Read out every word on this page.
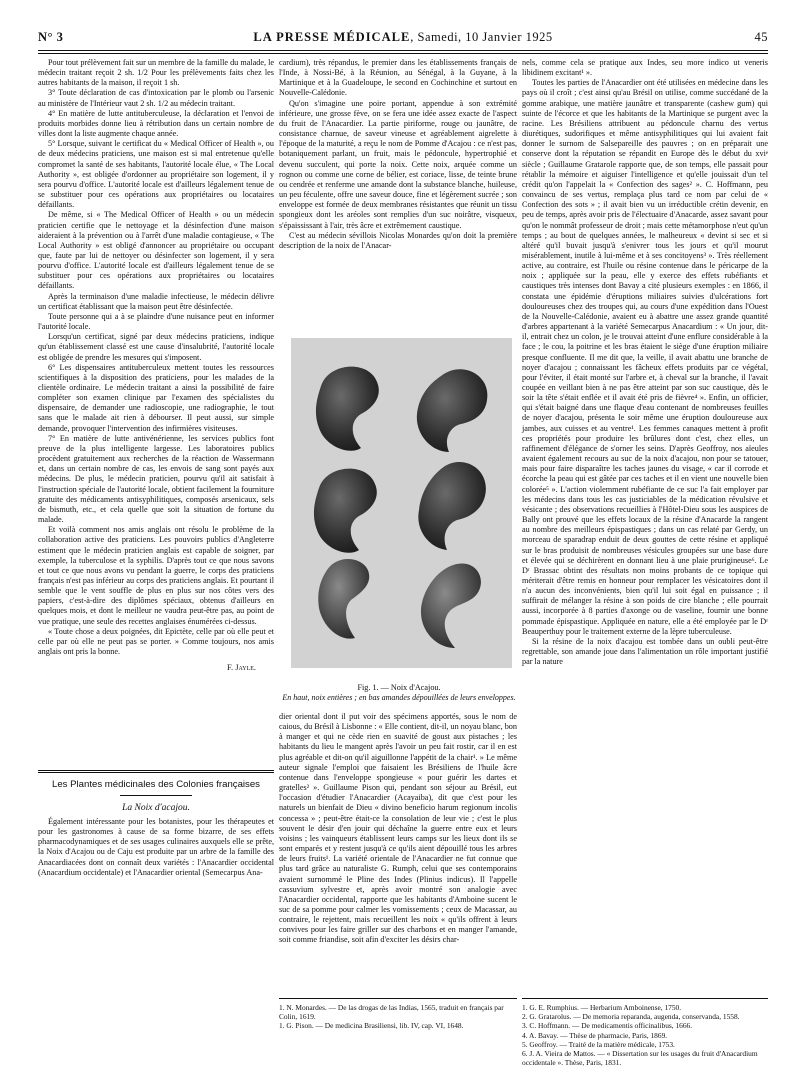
N° 3	LA PRESSE MÉDICALE, Samedi, 10 Janvier 1925	45

Pour tout prélèvement fait sur un membre de la famille du malade, le médecin traitant reçoit 2 sh. 1/2 Pour les prélèvements faits chez les autres habitants de la maison, il reçoit 1 sh.

3° Toute déclaration de cas d'intoxication par le plomb ou l'arsenic au ministère de l'Intérieur vaut 2 sh. 1/2 au médecin traitant.

4° En matière de lutte antituberculeuse, la déclaration et l'envoi de produits morbides donne lieu à rétribution dans un certain nombre de villes dont la liste augmente chaque année.

5° Lorsque, suivant le certificat du « Medical Officer of Health », ou de deux médecins praticiens, une maison est si mal entretenue qu'elle compromet la santé de ses habitants, l'autorité locale élue, « The Local Authority », est obligée d'ordonner au propriétaire son logement, il y sera pourvu d'office. L'autorité locale est d'ailleurs légalement tenue de se substituer pour ces opérations aux propriétaires ou locataires défaillants.

De même, si « The Medical Officer of Health » ou un médecin praticien certifie que le nettoyage et la désinfection d'une maison aideraient à la prévention ou à l'arrêt d'une maladie contagieuse, « The Local Authority » est obligé d'annoncer au propriétaire ou occupant que, faute par lui de nettoyer ou désinfecter son logement, il y sera pourvu d'office. L'autorité locale est d'ailleurs légalement tenue de se substituer pour ces opérations aux propriétaires ou locataires défaillants.

Après la terminaison d'une maladie infectieuse, le médecin délivre un certificat établissant que la maison peut être désinfectée.

Toute personne qui a à se plaindre d'une nuisance peut en informer l'autorité locale.

Lorsqu'un certificat, signé par deux médecins praticiens, indique qu'un établissement classé est une cause d'insalubrité, l'autorité locale est obligée de prendre les mesures qui s'imposent.

6° Les dispensaires antituberculeux mettent toutes les ressources scientifiques à la disposition des praticiens, pour les malades de la clientèle ordinaire. Le médecin traitant a ainsi la possibilité de faire compléter son examen clinique par l'examen des spécialistes du dispensaire, de demander une radioscopie, une radiographie, le tout sans que le malade ait rien à débourser. Il peut aussi, sur simple demande, provoquer l'intervention des infirmières visiteuses.

7° En matière de lutte antivénérienne, les services publics font preuve de la plus intelligente largesse. Les laboratoires publics procèdent gratuitement aux recherches de la réaction de Wassermann et, dans un certain nombre de cas, les envois de sang sont payés aux médecins. De plus, le médecin praticien, pourvu qu'il ait satisfait à l'instruction spéciale de l'autorité locale, obtient facilement la fourniture gratuite des médicaments antisyphilitiques, composés arsenicaux, sels de bismuth, etc., et cela quelle que soit la situation de fortune du malade.

Et voilà comment nos amis anglais ont résolu le problème de la collaboration active des praticiens. Les pouvoirs publics d'Angleterre estiment que le médecin praticien anglais est capable de soigner, par exemple, la tuberculose et la syphilis. D'après tout ce que nous savons et tout ce que nous avons vu pendant la guerre, le corps des praticiens français n'est pas inférieur au corps des praticiens anglais. Et pourtant il semble que le vent souffle de plus en plus sur nos côtes vers des papiers, c'est-à-dire des diplômes spéciaux, obtenus d'ailleurs en quelques mois, et dont le meilleur ne vaudra peut-être pas, au point de vue pratique, une seule des recettes anglaises énumérées ci-dessus.

« Toute chose a deux poignées, dit Epictète, celle par où elle peut et celle par où elle ne peut pas se porter. » Comme toujours, nos amis anglais ont pris la bonne.

F. Jayle.
Les Plantes médicinales des Colonies françaises
La Noix d'acajou.

Également intéressante pour les botanistes, pour les thérapeutes et pour les gastronomes à cause de sa forme bizarre, de ses effets pharmacodynamiques et de ses usages culinaires auxquels elle se prête, la Noix d'Acajou ou de Caju est produite par un arbre de la famille des Anacardiacées dont on connaît deux variétés : l'Anacardier occidental (Anacardium occidentale) et l'Anacardier oriental (Semecarpus Ana-

cardium), très répandus, le premier dans les établissements français de l'Inde, à Nossi-Bé, à la Réunion, au Sénégal, à la Guyane, à la Martinique et à la Guadeloupe, le second en Cochinchine et surtout en Nouvelle-Calédonie.

Qu'on s'imagine une poire portant, appendue à son extrémité inférieure, une grosse fève, on se fera une idée assez exacte de l'aspect du fruit de l'Anacardier. La partie piriforme, rouge ou jaunâtre, de consistance charnue, de saveur vineuse et agréablement aigrelette à l'époque de la maturité, a reçu le nom de Pomme d'Acajou : ce n'est pas, botaniquement parlant, un fruit, mais le pédoncule, hypertrophié et devenu succulent, qui porte la noix. Cette noix, arquée comme un rognon ou comme une corne de bélier, est coriace, lisse, de teinte brune ou cendrée et renferme une amande dont la substance blanche, huileuse, un peu féculente, offre une saveur douce, fine et légèrement sucrée ; son enveloppe est formée de deux membranes résistantes que réunit un tissu spongieux dont les aréoles sont remplies d'un suc noirâtre, visqueux, s'épaississant à l'air, très âcre et extrêmement caustique.

C'est au médecin sévillois Nicolas Monardes qu'on doit la première description de la noix de l'Anacar-

Fig. 1. — Noix d'Acajou.
En haut, noix entières ; en bas amandes dépouillées de leurs enveloppes.

dier oriental dont il put voir des spécimens apportés, sous le nom de caious, du Brésil à Lisbonne : « Elle contient, dit-il, un noyau blanc, bon à manger et qui ne cède rien en suavité de goust aux pistaches ; les habitants du lieu le mangent après l'avoir un peu fait rostir, car il en est plus agréable et dit-on qu'il aiguillonne l'appétit de la chair¹. » Le même auteur signale l'emploi que faisaient les Brésiliens de l'huile âcre contenue dans l'enveloppe spongieuse « pour guérir les dartes et gratelles² ». Guillaume Pison qui, pendant son séjour au Brésil, eut l'occasion d'étudier l'Anacardier (Acayaiba), dit que c'est pour les naturels un bienfait de Dieu « divino beneficio harum regionum incolis concessa » ; peut-être était-ce la consolation de leur vie ; c'est le plus souvent le désir d'en jouir qui déchaîne la guerre entre eux et leurs voisins ; les vainqueurs établissent leurs camps sur les lieux dont ils se sont emparés et y restent jusqu'à ce qu'ils aient dépouillé tous les arbres de leurs fruits¹. La variété orientale de l'Anacardier ne fut connue que plus tard grâce au naturaliste G. Rumph, celui que ses contemporains avaient surnommé le Pline des Indes (Plinius indicus). Il l'appelle cassuvium sylvestre et, après avoir montré son analogie avec l'Anacardier occidental, rapporte que les habitants d'Amboine sucent le suc de sa pomme pour calmer les vomissements ; ceux de Macassar, au contraire, le rejettent, mais recueillent les noix « qu'ils offrent à leurs convives pour les faire griller sur des charbons et en manger l'amande, soit comme friandise, soit afin d'exciter les désirs char-

1. N. Monardes. — De las drogas de las Indias, 1565, traduit en français par Colin, 1619.

1. G. Pison. — De medicina Brasiliensi, lib. IV, cap. VI, 1648.

nels, comme cela se pratique aux Indes, seu more indico ut veneris libidinem excitant¹ ».

Toutes les parties de l'Anacardier ont été utilisées en médecine dans les pays où il croît ; c'est ainsi qu'au Brésil on utilise, comme succédané de la gomme arabique, une matière jaunâtre et transparente (cashew gum) qui suinte de l'écorce et que les habitants de la Martinique se purgent avec la racine. Les Brésiliens attribuent au pédoncule charnu des vertus diurétiques, sudorifiques et même antisyphilitiques qui lui avaient fait donner le surnom de Salsepareille des pauvres ; on en préparait une conserve dont la réputation se répandit en Europe dès le début du xviᵉ siècle ; Guillaume Gratarole rapporte que, de son temps, elle passait pour rétablir la mémoire et aiguiser l'intelligence et qu'elle jouissait d'un tel crédit qu'on l'appelait la « Confection des sages² ». C. Hoffmann, peu convaincu de ses vertus, remplaça plus tard ce nom par celui de « Confection des sots » ; il avait bien vu un irréductible crétin devenir, en peu de temps, après avoir pris de l'électuaire d'Anacarde, assez savant pour qu'on le nommât professeur de droit ; mais cette métamorphose n'eut qu'un temps ; au bout de quelques années, le malheureux « devint si sec et si altéré qu'il buvait jusqu'à s'enivrer tous les jours et qu'il mourut misérablement, inutile à lui-même et à ses concitoyens³ ». Très réellement active, au contraire, est l'huile ou résine contenue dans le péricarpe de la noix ; appliquée sur la peau, elle y exerce des effets rubéfiants et caustiques très intenses dont Bavay a cité plusieurs exemples : en 1866, il constata une épidémie d'éruptions miliaires suivies d'ulcérations fort douloureuses chez des troupes qui, au cours d'une expédition dans l'Ouest de la Nouvelle-Calédonie, avaient eu à abattre une assez grande quantité d'arbres appartenant à la variété Semecarpus Anacardium : « Un jour, dit-il, entrait chez un colon, je le trouvai atteint d'une enflure considérable à la face ; le cou, la poitrine et les bras étaient le siège d'une éruption miliaire presque confluente. Il me dit que, la veille, il avait abattu une branche de noyer d'acajou ; connaissant les fâcheux effets produits par ce végétal, pour l'éviter, il était monté sur l'arbre et, à cheval sur la branche, il l'avait coupée en veillant bien à ne pas être atteint par son suc caustique, dès le soir la tête s'était enflée et il avait été pris de fièvre⁴ ». Enfin, un officier, qui s'était baigné dans une flaque d'eau contenant de nombreuses feuilles de noyer d'acajou, présenta le soir même une éruption douloureuse aux jambes, aux cuisses et au ventre¹. Les femmes canaques mettent à profit ces propriétés pour produire les brûlures dont c'est, chez elles, un raffinement d'élégance de s'orner les seins. D'après Geoffroy, nos aïeules avaient également recours au suc de la noix d'acajou, non pour se tatouer, mais pour faire disparaître les taches jaunes du visage, « car il corrode et écorche la peau qui est gâtée par ces taches et il en vient une nouvelle bien colorée⁵ ». L'action violemment rubéfiante de ce suc l'a fait employer par les médecins dans tous les cas justiciables de la médication révulsive et vésicante ; des observations recueillies à l'Hôtel-Dieu sous les auspices de Bally ont prouvé que les effets locaux de la résine d'Anacarde la rangent au nombre des meilleurs épispastiques ; dans un cas relaté par Gerdy, un morceau de sparadrap enduit de deux gouttes de cette résine et appliqué sur le bras produisit de nombreuses vésicules groupées sur une base dure et élevée qui se déchirèrent en donnant lieu à une plaie prurigineuse⁶. Le Dʳ Brassac obtint des résultats non moins probants de ce topique qui mériterait d'être remis en honneur pour remplacer les vésicatoires dont il n'a aucun des inconvénients, bien qu'il lui soit égal en puissance ; il suffirait de mélanger la résine à son poids de cire blanche ; elle pourrait aussi, incorporée à 8 parties d'axonge ou de vaseline, fournir une bonne pommade épispastique. Appliquée en nature, elle a été employée par le Dʳ Beauperthuy pour le traitement externe de la lèpre tuberculeuse.

Si la résine de la noix d'acajou est tombée dans un oubli peut-être regrettable, son amande joue dans l'alimentation un rôle important justifié par la nature

1. G. E. Rumphius. — Herbarium Amboinense, 1750.

2. G. Gratarolus. — De memoria reparanda, augenda, conservanda, 1558.

3. C. Hoffmann. — De medicamentis officinalibus, 1666.

4. A. Bavay. — Thèse de pharmacie, Paris, 1869.

5. Geoffroy. — Traité de la matière médicale, 1753.

6. J. A. Vieira de Mattos. — « Dissertation sur les usages du fruit d'Anacardium occidentale ». Thèse, Paris, 1831.
